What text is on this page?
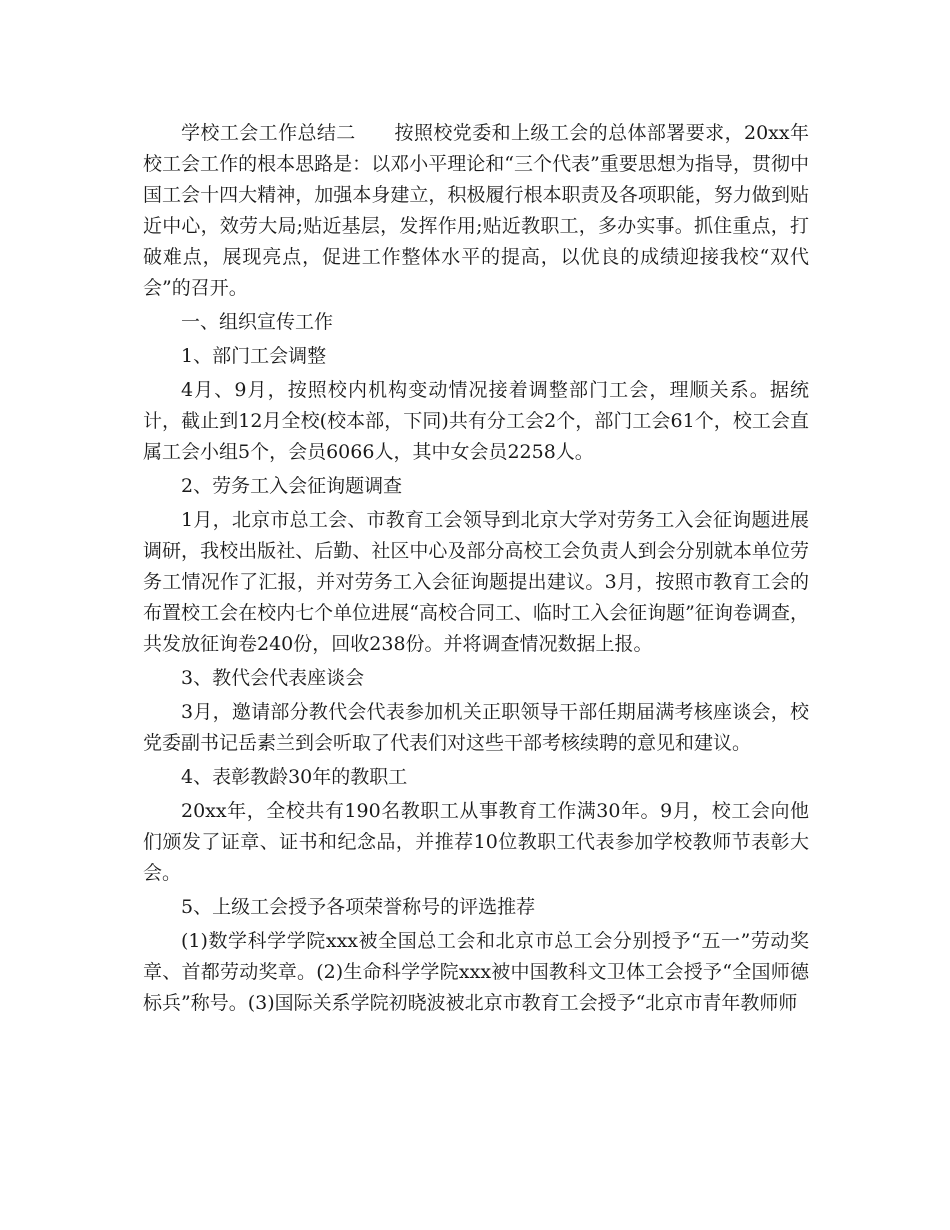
学校工会工作总结二　　按照校党委和上级工会的总体部署要求，20xx年校工会工作的根本思路是：以邓小平理论和“三个代表”重要思想为指导，贯彻中国工会十四大精神，加强本身建立，积极履行根本职责及各项职能，努力做到贴近中心，效劳大局;贴近基层，发挥作用;贴近教职工，多办实事。抓住重点，打破难点，展现亮点，促进工作整体水平的提高，以优良的成绩迎接我校“双代会”的召开。

一、组织宣传工作

1、部门工会调整

4月、9月，按照校内机构变动情况接着调整部门工会，理顺关系。据统计，截止到12月全校(校本部，下同)共有分工会2个，部门工会61个，校工会直属工会小组5个，会员6066人，其中女会员2258人。

2、劳务工入会征询题调查

1月，北京市总工会、市教育工会领导到北京大学对劳务工入会征询题进展调研，我校出版社、后勤、社区中心及部分高校工会负责人到会分别就本单位劳务工情况作了汇报，并对劳务工入会征询题提出建议。3月，按照市教育工会的布置校工会在校内七个单位进展“高校合同工、临时工入会征询题”征询卷调查，共发放征询卷240份，回收238份。并将调查情况数据上报。

3、教代会代表座谈会

3月，邀请部分教代会代表参加机关正职领导干部任期届满考核座谈会，校党委副书记岳素兰到会听取了代表们对这些干部考核续聘的意见和建议。

4、表彰教龄30年的教职工

20xx年，全校共有190名教职工从事教育工作满30年。9月，校工会向他们颁发了证章、证书和纪念品，并推荐10位教职工代表参加学校教师节表彰大会。

5、上级工会授予各项荣誉称号的评选推荐

(1)数学科学学院xxx被全国总工会和北京市总工会分别授予“五一”劳动奖章、首都劳动奖章。(2)生命科学学院xxx被中国教科文卫体工会授予“全国师德标兵”称号。(3)国际关系学院初晓波被北京市教育工会授予“北京市青年教师师
